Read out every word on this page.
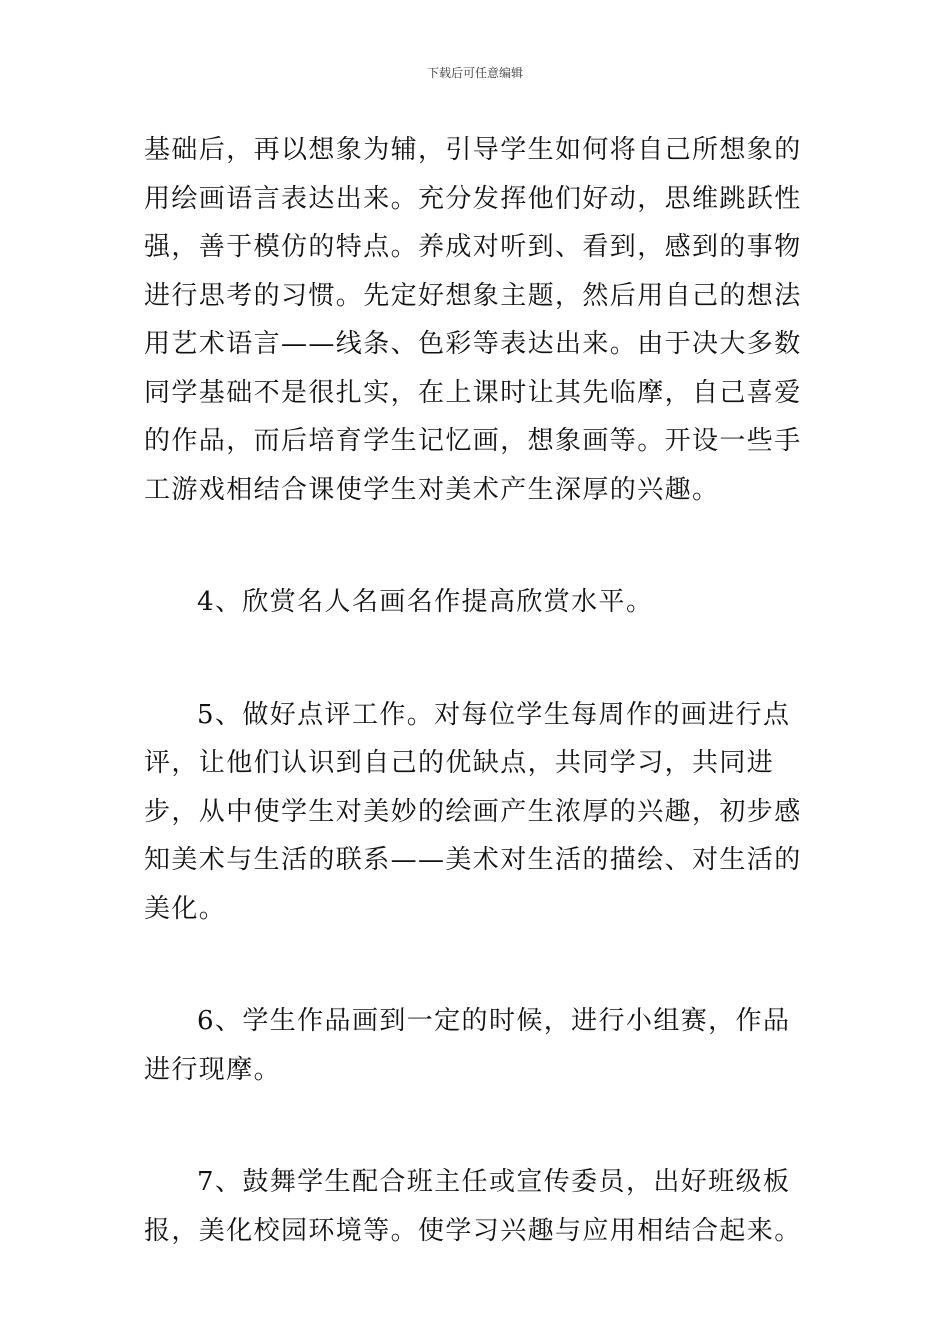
下载后可任意编辑

基础后，再以想象为辅，引导学生如何将自己所想象的用绘画语言表达出来。充分发挥他们好动，思维跳跃性强，善于模仿的特点。养成对听到、看到，感到的事物进行思考的习惯。先定好想象主题，然后用自己的想法用艺术语言——线条、色彩等表达出来。由于决大多数同学基础不是很扎实，在上课时让其先临摩，自己喜爱的作品，而后培育学生记忆画，想象画等。开设一些手工游戏相结合课使学生对美术产生深厚的兴趣。

4、欣赏名人名画名作提高欣赏水平。

5、做好点评工作。对每位学生每周作的画进行点评，让他们认识到自己的优缺点，共同学习，共同进步，从中使学生对美妙的绘画产生浓厚的兴趣，初步感知美术与生活的联系——美术对生活的描绘、对生活的美化。

6、学生作品画到一定的时候，进行小组赛，作品进行现摩。

7、鼓舞学生配合班主任或宣传委员，出好班级板报，美化校园环境等。使学习兴趣与应用相结合起来。
